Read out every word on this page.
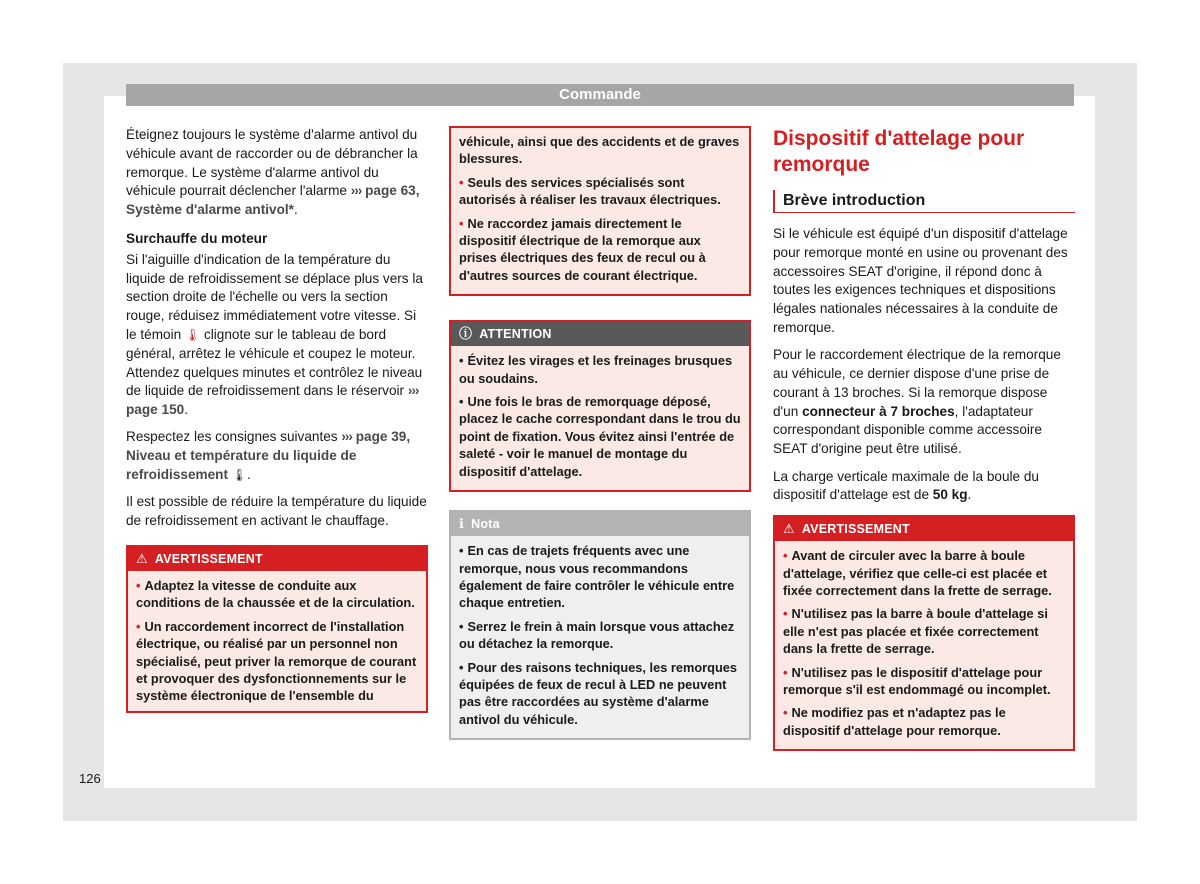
Commande

Éteignez toujours le système d'alarme antivol du véhicule avant de raccorder ou de débrancher la remorque. Le système d'alarme antivol du véhicule pourrait déclencher l'alarme ››› page 63, Système d'alarme antivol*.

Surchauffe du moteur

Si l'aiguille d'indication de la température du liquide de refroidissement se déplace plus vers la section droite de l'échelle ou vers la section rouge, réduisez immédiatement votre vitesse. Si le témoin 🌡 clignote sur le tableau de bord général, arrêtez le véhicule et coupez le moteur. Attendez quelques minutes et contrôlez le niveau de liquide de refroidissement dans le réservoir ››› page 150.

Respectez les consignes suivantes ››› page 39, Niveau et température du liquide de refroidissement 🌡.

Il est possible de réduire la température du liquide de refroidissement en activant le chauffage.

⚠ AVERTISSEMENT
• Adaptez la vitesse de conduite aux conditions de la chaussée et de la circulation.
• Un raccordement incorrect de l'installation électrique, ou réalisé par un personnel non spécialisé, peut priver la remorque de courant et provoquer des dysfonctionnements sur le système électronique de l'ensemble du
véhicule, ainsi que des accidents et de graves blessures.
• Seuls des services spécialisés sont autorisés à réaliser les travaux électriques.
• Ne raccordez jamais directement le dispositif électrique de la remorque aux prises électriques des feux de recul ou à d'autres sources de courant électrique.
ⓘ ATTENTION
• Évitez les virages et les freinages brusques ou soudains.
• Une fois le bras de remorquage déposé, placez le cache correspondant dans le trou du point de fixation. Vous évitez ainsi l'entrée de saleté - voir le manuel de montage du dispositif d'attelage.
ℹ Nota
• En cas de trajets fréquents avec une remorque, nous vous recommandons également de faire contrôler le véhicule entre chaque entretien.
• Serrez le frein à main lorsque vous attachez ou détachez la remorque.
• Pour des raisons techniques, les remorques équipées de feux de recul à LED ne peuvent pas être raccordées au système d'alarme antivol du véhicule.
Dispositif d'attelage pour remorque
Brève introduction

Si le véhicule est équipé d'un dispositif d'attelage pour remorque monté en usine ou provenant des accessoires SEAT d'origine, il répond donc à toutes les exigences techniques et dispositions légales nationales nécessaires à la conduite de remorque.

Pour le raccordement électrique de la remorque au véhicule, ce dernier dispose d'une prise de courant à 13 broches. Si la remorque dispose d'un connecteur à 7 broches, l'adaptateur correspondant disponible comme accessoire SEAT d'origine peut être utilisé.

La charge verticale maximale de la boule du dispositif d'attelage est de 50 kg.

⚠ AVERTISSEMENT
• Avant de circuler avec la barre à boule d'attelage, vérifiez que celle-ci est placée et fixée correctement dans la frette de serrage.
• N'utilisez pas la barre à boule d'attelage si elle n'est pas placée et fixée correctement dans la frette de serrage.
• N'utilisez pas le dispositif d'attelage pour remorque s'il est endommagé ou incomplet.
• Ne modifiez pas et n'adaptez pas le dispositif d'attelage pour remorque.
126
